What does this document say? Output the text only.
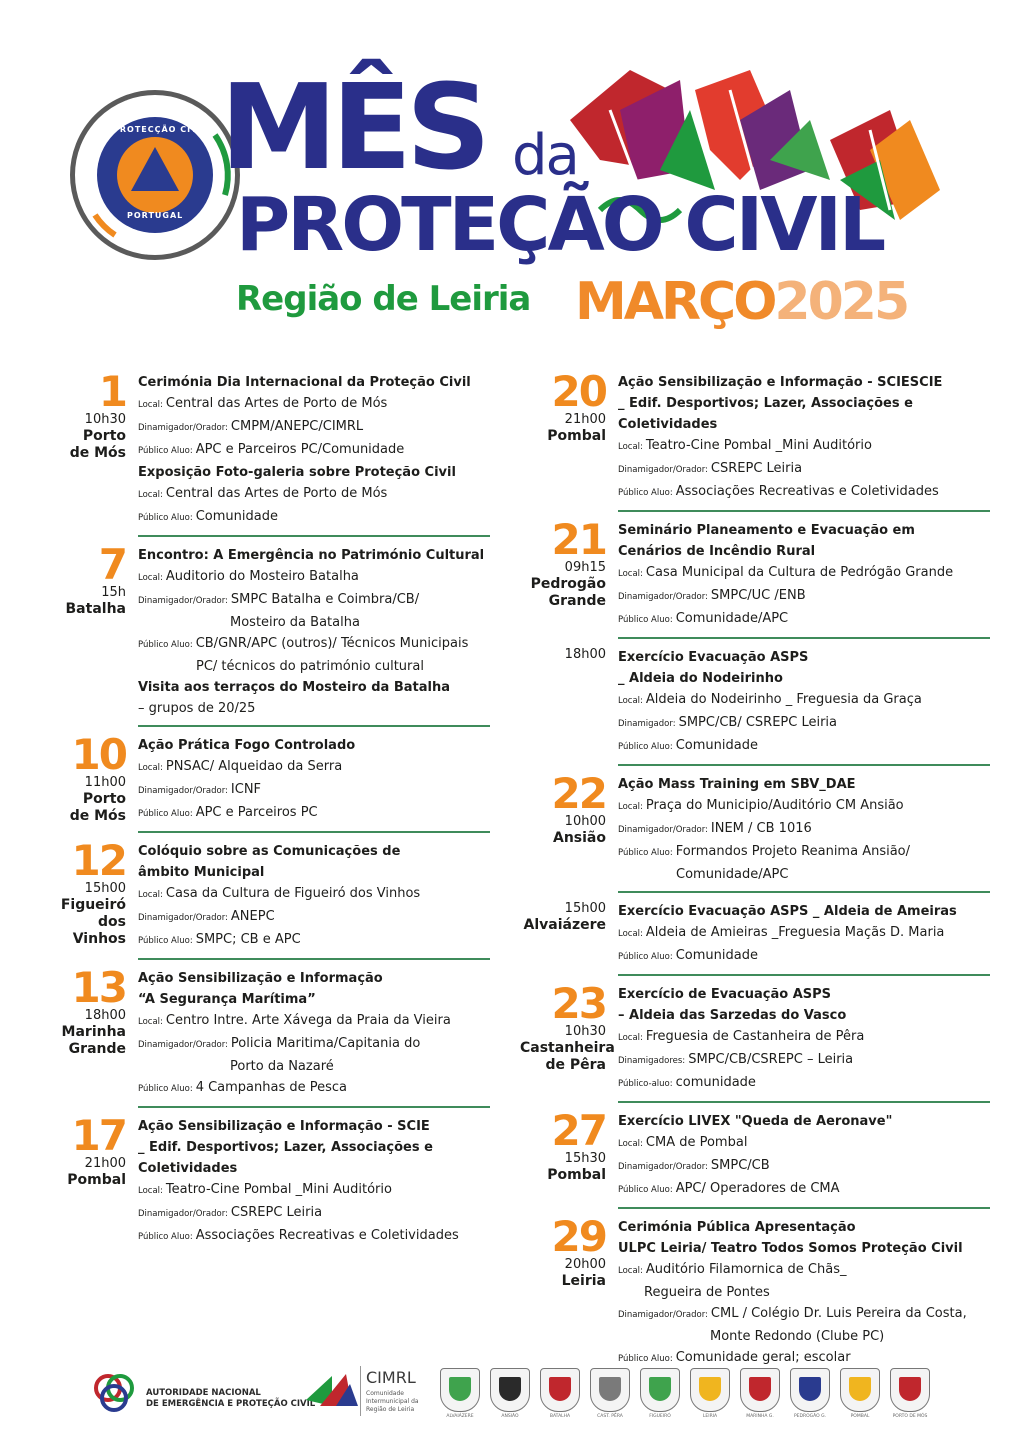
PROTECÇÃO CIVIL
PORTUGAL
MÊS da
PROTEÇÃO CIVIL
Região de Leiria MARÇO2025
1
10h30
Porto
de Mós
Cerimónia Dia Internacional da Proteção Civil
Local: Central das Artes de Porto de Mós
Dinamigador/Orador: CMPM/ANEPC/CIMRL
Público Aluo: APC e Parceiros PC/Comunidade
Exposição Foto-galeria sobre Proteção Civil
Local: Central das Artes de Porto de Mós
Público Aluo: Comunidade
7
15h
Batalha
Encontro: A Emergência no Património Cultural
Local: Auditorio do Mosteiro Batalha
Dinamigador/Orador: SMPC Batalha e Coimbra/CB/
Mosteiro da Batalha
Público Aluo: CB/GNR/APC (outros)/ Técnicos Municipais
PC/ técnicos do património cultural
Visita aos terraços do Mosteiro da Batalha
– grupos de 20/25
10
11h00
Porto
de Mós
Ação Prática Fogo Controlado
Local: PNSAC/ Alqueidao da Serra
Dinamigador/Orador: ICNF
Público Aluo: APC e Parceiros PC
12
15h00
Figueiró
dos Vinhos
Colóquio sobre as Comunicações de
âmbito Municipal
Local: Casa da Cultura de Figueiró dos Vinhos
Dinamigador/Orador: ANEPC
Público Aluo: SMPC; CB e APC
13
18h00
Marinha
Grande
Ação Sensibilização e Informação
“A Segurança Marítima”
Local: Centro Intre. Arte Xávega da Praia da Vieira
Dinamigador/Orador: Policia Maritima/Capitania do
Porto da Nazaré
Público Aluo: 4 Campanhas de Pesca
17
21h00
Pombal
Ação Sensibilização e Informação - SCIE
_ Edif. Desportivos; Lazer, Associações e Coletividades
Local: Teatro-Cine Pombal _Mini Auditório
Dinamigador/Orador: CSREPC Leiria
Público Aluo: Associações Recreativas e Coletividades
20
21h00
Pombal
Ação Sensibilização e Informação - SCIESCIE
_ Edif. Desportivos; Lazer, Associações e Coletividades
Local: Teatro-Cine Pombal _Mini Auditório
Dinamigador/Orador: CSREPC Leiria
Público Aluo: Associações Recreativas e Coletividades
21
09h15
Pedrogão
Grande
Seminário Planeamento e Evacuação em
Cenários de Incêndio Rural
Local: Casa Municipal da Cultura de Pedrógão Grande
Dinamigador/Orador: SMPC/UC /ENB
Público Aluo: Comunidade/APC
18h00 Exercício Evacuação ASPS
_ Aldeia do Nodeirinho
Local: Aldeia do Nodeirinho _ Freguesia da Graça
Dinamigador: SMPC/CB/ CSREPC Leiria
Público Aluo: Comunidade
22
10h00
Ansião
Ação Mass Training em SBV_DAE
Local: Praça do Municipio/Auditório CM Ansião
Dinamigador/Orador: INEM / CB 1016
Público Aluo: Formandos Projeto Reanima Ansião/
Comunidade/APC
15h00
Alvaiázere
Exercício Evacuação ASPS _ Aldeia de Ameiras
Local: Aldeia de Amieiras _Freguesia Maçãs D. Maria
Público Aluo: Comunidade
23
10h30
Castanheira
de Pêra
Exercício de Evacuação ASPS
– Aldeia das Sarzedas do Vasco
Local: Freguesia de Castanheira de Pêra
Dinamigadores: SMPC/CB/CSREPC – Leiria
Público-aluo: comunidade
27
15h30
Pombal
Exercício LIVEX "Queda de Aeronave"
Local: CMA de Pombal
Dinamigador/Orador: SMPC/CB
Público Aluo: APC/ Operadores de CMA
29
20h00
Leiria
Cerimónia Pública Apresentação
ULPC Leiria/ Teatro Todos Somos Proteção Civil
Local: Auditório Filamornica de Chãs_
Regueira de Pontes
Dinamigador/Orador: CML / Colégio Dr. Luis Pereira da Costa,
Monte Redondo (Clube PC)
Público Aluo: Comunidade geral; escolar
AUTORIDADE NACIONAL
DE EMERGÊNCIA E PROTEÇÃO CIVIL
CIMRL
Comunidade Intermunicipal da Região de Leiria
ALVAIÁZERE	ANSIÃO	BATALHA	CAST. PÊRA	FIGUEIRÓ	LEIRIA	MARINHA G.	PEDROGÃO G.	POMBAL	PORTO DE MÓS
